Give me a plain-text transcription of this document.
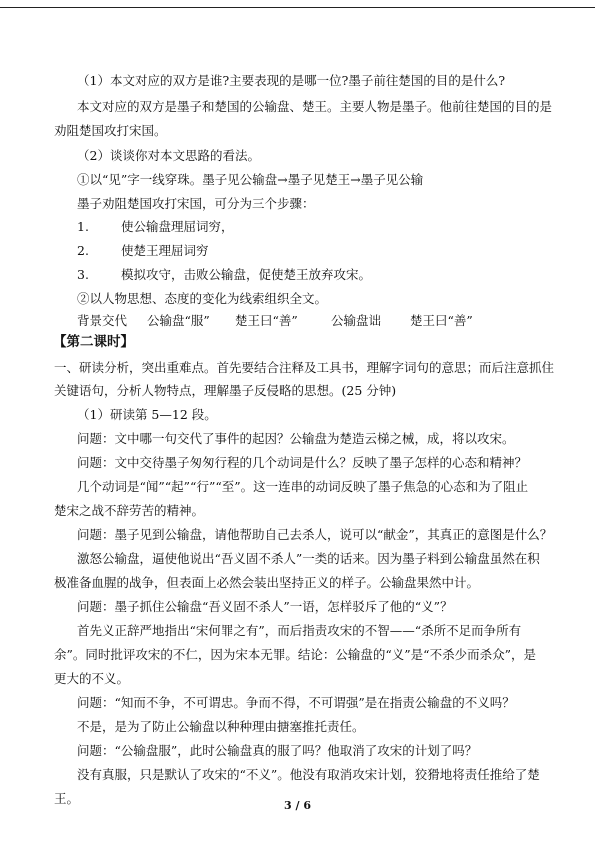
（1）本文对应的双方是谁?主要表现的是哪一位?墨子前往楚国的目的是什么?
本文对应的双方是墨子和楚国的公输盘、楚王。主要人物是墨子。他前往楚国的目的是
劝阻楚国攻打宋国。
（2）谈谈你对本文思路的看法。
①以“见”字一线穿珠。墨子见公输盘→墨子见楚王→墨子见公输
墨子劝阻楚国攻打宋国，可分为三个步骤：
1.	使公输盘理屈词穷，
2.	使楚王理屈词穷
3.	模拟攻守，击败公输盘，促使楚王放弃攻宋。
②以人物思想、态度的变化为线索组织全文。
背景交代 公输盘“服” 楚王曰“善”	公输盘诎 楚王曰“善”
【第二课时】
一、研读分析，突出重难点。首先要结合注释及工具书，理解字词句的意思；而后注意抓住
关键语句，分析人物特点，理解墨子反侵略的思想。(25 分钟)
（1）研读第 5—12 段。
问题：文中哪一句交代了事件的起因？公输盘为楚造云梯之械，成，将以攻宋。
问题：文中交待墨子匆匆行程的几个动词是什么？反映了墨子怎样的心态和精神？
几个动词是“闻”“起”“行”“至”。这一连串的动词反映了墨子焦急的心态和为了阻止
楚宋之战不辞劳苦的精神。
问题：墨子见到公输盘，请他帮助自己去杀人，说可以“献金”，其真正的意图是什么？
激怒公输盘，逼使他说出“吾义固不杀人”一类的话来。因为墨子料到公输盘虽然在积
极准备血腥的战争，但表面上必然会装出坚持正义的样子。公输盘果然中计。
问题：墨子抓住公输盘“吾义固不杀人”一语，怎样驳斥了他的“义”？
首先义正辞严地指出“宋何罪之有”，而后指责攻宋的不智——“杀所不足而争所有
余”。同时批评攻宋的不仁，因为宋本无罪。结论：公输盘的“义”是“不杀少而杀众”，是
更大的不义。
问题：“知而不争，不可谓忠。争而不得，不可谓强”是在指责公输盘的不义吗？
不是，是为了防止公输盘以种种理由搪塞推托责任。
问题：“公输盘服”，此时公输盘真的服了吗？他取消了攻宋的计划了吗？
没有真服，只是默认了攻宋的“不义”。他没有取消攻宋计划，狡猾地将责任推给了楚
王。	3 / 6
